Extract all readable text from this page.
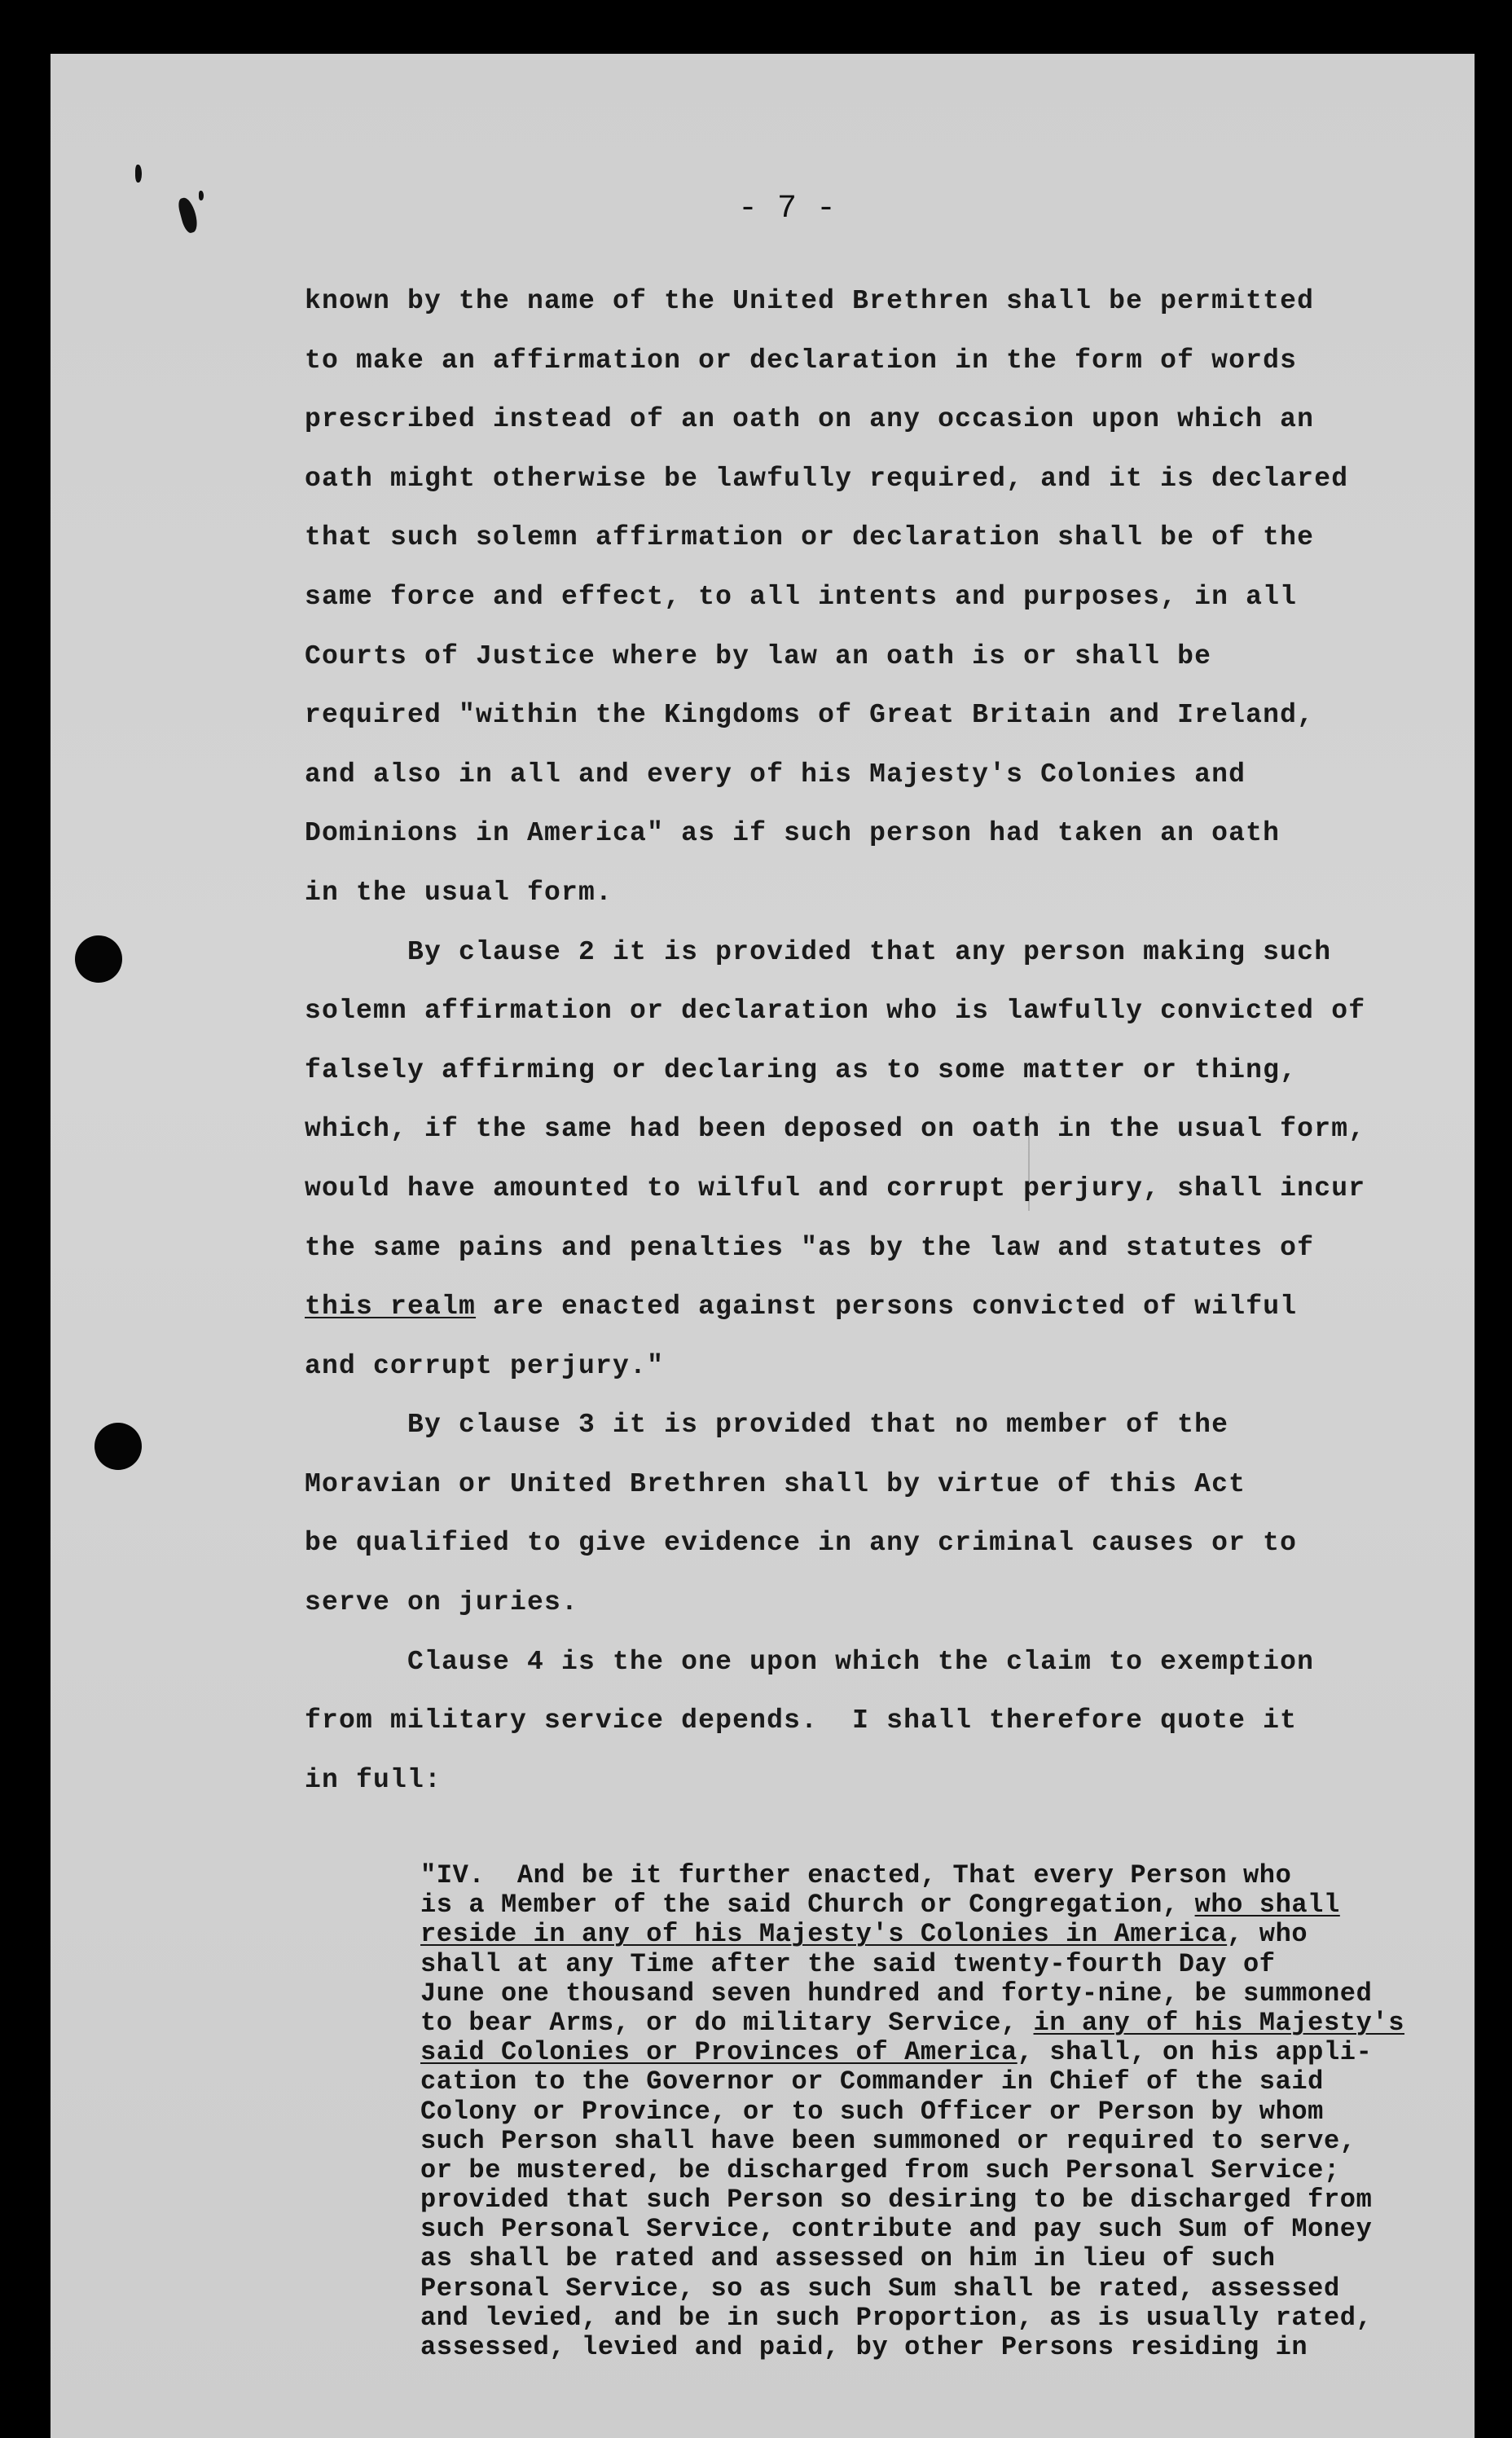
- 7 -
known by the name of the United Brethren shall be permitted
to make an affirmation or declaration in the form of words
prescribed instead of an oath on any occasion upon which an
oath might otherwise be lawfully required, and it is declared
that such solemn affirmation or declaration shall be of the
same force and effect, to all intents and purposes, in all
Courts of Justice where by law an oath is or shall be
required "within the Kingdoms of Great Britain and Ireland,
and also in all and every of his Majesty's Colonies and
Dominions in America" as if such person had taken an oath
in the usual form.
By clause 2 it is provided that any person making such
solemn affirmation or declaration who is lawfully convicted of
falsely affirming or declaring as to some matter or thing,
which, if the same had been deposed on oath in the usual form,
would have amounted to wilful and corrupt perjury, shall incur
the same pains and penalties "as by the law and statutes of
this realm are enacted against persons convicted of wilful
and corrupt perjury."
By clause 3 it is provided that no member of the
Moravian or United Brethren shall by virtue of this Act
be qualified to give evidence in any criminal causes or to
serve on juries.
Clause 4 is the one upon which the claim to exemption
from military service depends.  I shall therefore quote it
in full:
"IV.  And be it further enacted, That every Person who
is a Member of the said Church or Congregation, who shall
reside in any of his Majesty's Colonies in America, who
shall at any Time after the said twenty-fourth Day of
June one thousand seven hundred and forty-nine, be summoned
to bear Arms, or do military Service, in any of his Majesty's
said Colonies or Provinces of America, shall, on his appli-
cation to the Governor or Commander in Chief of the said
Colony or Province, or to such Officer or Person by whom
such Person shall have been summoned or required to serve,
or be mustered, be discharged from such Personal Service;
provided that such Person so desiring to be discharged from
such Personal Service, contribute and pay such Sum of Money
as shall be rated and assessed on him in lieu of such
Personal Service, so as such Sum shall be rated, assessed
and levied, and be in such Proportion, as is usually rated,
assessed, levied and paid, by other Persons residing in
